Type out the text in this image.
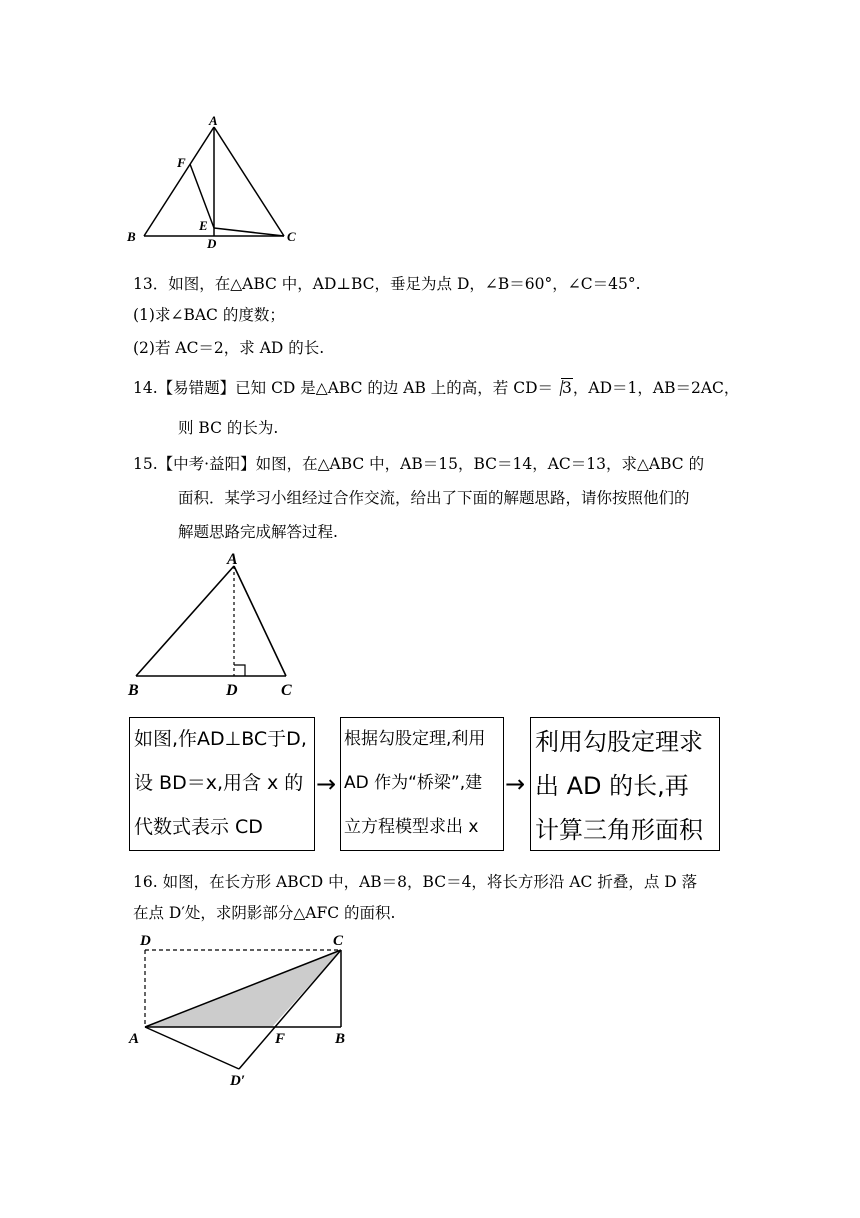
A
B	C
D
E
F
13．如图，在△ABC 中，AD⊥BC，垂足为点 D，∠B＝60°，∠C＝45°.
(1)求∠BAC 的度数；
(2)若 AC＝2，求 AD 的长.
14.【易错题】已知 CD 是△ABC 的边 AB 上的高，若 CD＝ 3，AD＝1，AB＝2AC，
则 BC 的长为.
15.【中考·益阳】如图，在△ABC 中，AB＝15，BC＝14，AC＝13，求△ABC 的
面积．某学习小组经过合作交流，给出了下面的解题思路，请你按照他们的
解题思路完成解答过程.
A
B	D	C
如图,作AD⊥BC于D,
设 BD＝x,用含 x 的
代数式表示 CD
→
根据勾股定理,利用
AD 作为“桥梁”,建
立方程模型求出 x
→
利用勾股定理求
出 AD 的长,再
计算三角形面积
16. 如图，在长方形 ABCD 中，AB＝8，BC＝4，将长方形沿 AC 折叠，点 D 落
在点 D′处，求阴影部分△AFC 的面积.
D	C
A	F	B
D′
